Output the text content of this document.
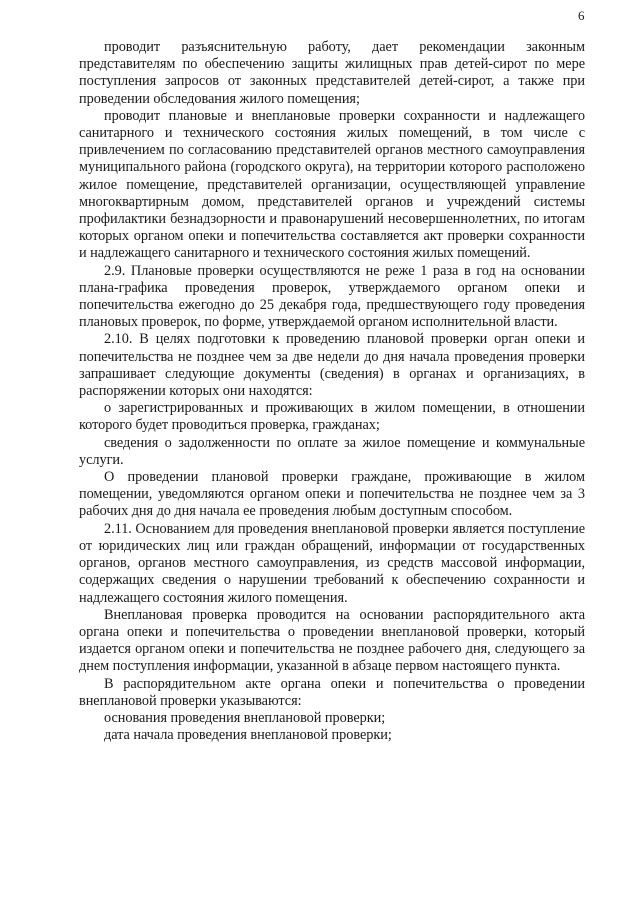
6

проводит разъяснительную работу, дает рекомендации законным представителям по обеспечению защиты жилищных прав детей-сирот по мере поступления запросов от законных представителей детей-сирот, а также при проведении обследования жилого помещения;

проводит плановые и внеплановые проверки сохранности и надлежащего санитарного и технического состояния жилых помещений, в том числе с привлечением по согласованию представителей органов местного самоуправления муниципального района (городского округа), на территории которого расположено жилое помещение, представителей организации, осуществляющей управление многоквартирным домом, представителей органов и учреждений системы профилактики безнадзорности и правонарушений несовершеннолетних, по итогам которых органом опеки и попечительства составляется акт проверки сохранности и надлежащего санитарного и технического состояния жилых помещений.

2.9. Плановые проверки осуществляются не реже 1 раза в год на основании плана-графика проведения проверок, утверждаемого органом опеки и попечительства ежегодно до 25 декабря года, предшествующего году проведения плановых проверок, по форме, утверждаемой органом исполнительной власти.

2.10. В целях подготовки к проведению плановой проверки орган опеки и попечительства не позднее чем за две недели до дня начала проведения проверки запрашивает следующие документы (сведения) в органах и организациях, в распоряжении которых они находятся:

о зарегистрированных и проживающих в жилом помещении, в отношении которого будет проводиться проверка, гражданах;

сведения о задолженности по оплате за жилое помещение и коммунальные услуги.

О проведении плановой проверки граждане, проживающие в жилом помещении, уведомляются органом опеки и попечительства не позднее чем за 3 рабочих дня до дня начала ее проведения любым доступным способом.

2.11. Основанием для проведения внеплановой проверки является поступление от юридических лиц или граждан обращений, информации от государственных органов, органов местного самоуправления, из средств массовой информации, содержащих сведения о нарушении требований к обеспечению сохранности и надлежащего состояния жилого помещения.

Внеплановая проверка проводится на основании распорядительного акта органа опеки и попечительства о проведении внеплановой проверки, который издается органом опеки и попечительства не позднее рабочего дня, следующего за днем поступления информации, указанной в абзаце первом настоящего пункта.

В распорядительном акте органа опеки и попечительства о проведении внеплановой проверки указываются:

основания проведения внеплановой проверки;

дата начала проведения внеплановой проверки;
